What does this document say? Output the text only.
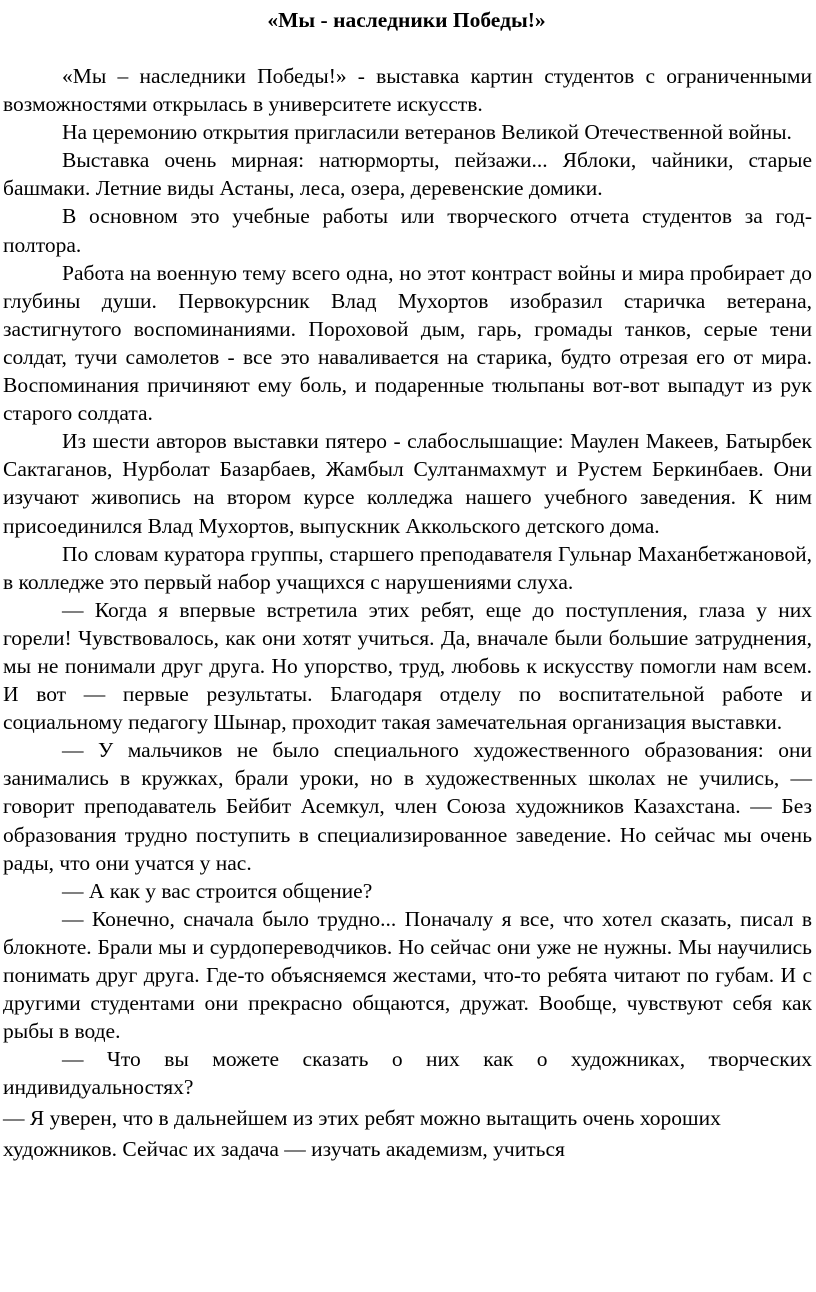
«Мы - наследники Победы!»

«Мы – наследники Победы!» - выставка картин студентов с ограниченными возможностями открылась в университете искусств.

На церемонию открытия пригласили ветеранов Великой Отечественной войны.

Выставка очень мирная: натюрморты, пейзажи... Яблоки, чайники, старые башмаки. Летние виды Астаны, леса, озера, деревенские домики.

В основном это учебные работы или творческого отчета студентов за год-полтора.

Работа на военную тему всего одна, но этот контраст войны и мира пробирает до глубины души. Первокурсник Влад Мухортов изобразил старичка ветерана, застигнутого воспоминаниями. Пороховой дым, гарь, громады танков, серые тени солдат, тучи самолетов - все это наваливается на старика, будто отрезая его от мира. Воспоминания причиняют ему боль, и подаренные тюльпаны вот-вот выпадут из рук старого солдата.

Из шести авторов выставки пятеро - слабослышащие: Маулен Макеев, Батырбек Сактаганов, Нурболат Базарбаев, Жамбыл Султанмахмут и Рустем Беркинбаев. Они изучают живопись на втором курсе колледжа нашего учебного заведения. К ним присоединился Влад Мухортов, выпускник Аккольского детского дома.

По словам куратора группы, старшего преподавателя Гульнар Маханбетжановой, в колледже это первый набор учащихся с нарушениями слуха.

— Когда я впервые встретила этих ребят, еще до поступления, глаза у них горели! Чувствовалось, как они хотят учиться. Да, вначале были большие затруднения, мы не понимали друг друга. Но упорство, труд, любовь к искусству помогли нам всем. И вот — первые результаты. Благодаря отделу по воспитательной работе и социальному педагогу Шынар, проходит такая замечательная организация выставки.

— У мальчиков не было специального художественного образования: они занимались в кружках, брали уроки, но в художественных школах не учились, — говорит преподаватель Бейбит Асемкул, член Союза художников Казахстана. — Без образования трудно поступить в специализированное заведение. Но сейчас мы очень рады, что они учатся у нас.

— А как у вас строится общение?

— Конечно, сначала было трудно... Поначалу я все, что хотел сказать, писал в блокноте. Брали мы и сурдопереводчиков. Но сейчас они уже не нужны. Мы научились понимать друг друга. Где-то объясняемся жестами, что-то ребята читают по губам. И с другими студентами они прекрасно общаются, дружат. Вообще, чувствуют себя как рыбы в воде.

— Что вы можете сказать о них как о художниках, творческих индивидуальностях?

— Я уверен, что в дальнейшем из этих ребят можно вытащить очень хороших художников. Сейчас их задача — изучать академизм, учиться
